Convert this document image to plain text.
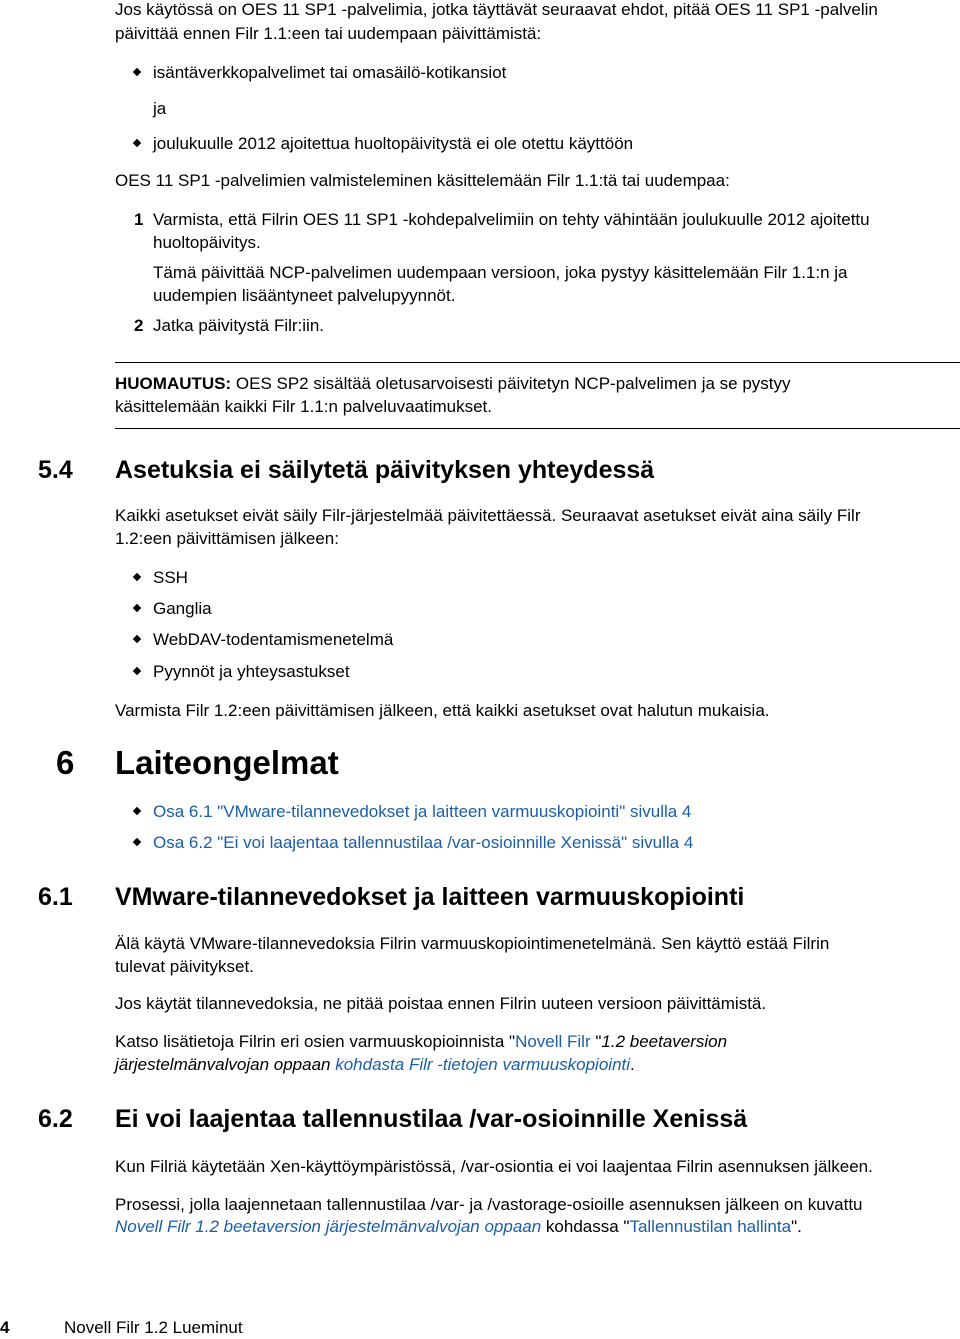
Jos käytössä on OES 11 SP1 -palvelimia, jotka täyttävät seuraavat ehdot, pitää OES 11 SP1 -palvelin
päivittää ennen Filr 1.1:een tai uudempaan päivittämistä:
isäntäverkkopalvelimet tai omasäilö-kotikansiot
ja
joulukuulle 2012 ajoitettua huoltopäivitystä ei ole otettu käyttöön
OES 11 SP1 -palvelimien valmisteleminen käsittelemään Filr 1.1:tä tai uudempaa:
1 Varmista, että Filrin OES 11 SP1 -kohdepalvelimiin on tehty vähintään joulukuulle 2012 ajoitettu
huoltopäivitys.
Tämä päivittää NCP-palvelimen uudempaan versioon, joka pystyy käsittelemään Filr 1.1:n ja
uudempien lisääntyneet palvelupyynnöt.
2 Jatka päivitystä Filr:iin.
HUOMAUTUS: OES SP2 sisältää oletusarvoisesti päivitetyn NCP-palvelimen ja se pystyy
käsittelemään kaikki Filr 1.1:n palveluvaatimukset.
5.4 Asetuksia ei säilytetä päivityksen yhteydessä
Kaikki asetukset eivät säily Filr-järjestelmää päivitettäessä. Seuraavat asetukset eivät aina säily Filr
1.2:een päivittämisen jälkeen:
SSH
Ganglia
WebDAV-todentamismenetelmä
Pyynnöt ja yhteysastukset
Varmista Filr 1.2:een päivittämisen jälkeen, että kaikki asetukset ovat halutun mukaisia.
6 Laiteongelmat
Osa 6.1 "VMware-tilannevedokset ja laitteen varmuuskopiointi" sivulla 4
Osa 6.2 "Ei voi laajentaa tallennustilaa /var-osioinnille Xenissä" sivulla 4
6.1 VMware-tilannevedokset ja laitteen varmuuskopiointi
Älä käytä VMware-tilannevedoksia Filrin varmuuskopiointimenetelmänä. Sen käyttö estää Filrin
tulevat päivitykset.
Jos käytät tilannevedoksia, ne pitää poistaa ennen Filrin uuteen versioon päivittämistä.
Katso lisätietoja Filrin eri osien varmuuskopioinnista "Novell Filr "1.2 beetaversion
järjestelmänvalvojan oppaan kohdasta Filr -tietojen varmuuskopiointi.
6.2 Ei voi laajentaa tallennustilaa /var-osioinnille Xenissä
Kun Filriä käytetään Xen-käyttöympäristössä, /var-osiontia ei voi laajentaa Filrin asennuksen jälkeen.
Prosessi, jolla laajennetaan tallennustilaa /var- ja /vastorage-osioille asennuksen jälkeen on kuvattu
Novell Filr 1.2 beetaversion järjestelmänvalvojan oppaan kohdassa "Tallennustilan hallinta".
4	Novell Filr 1.2 Lueminut
